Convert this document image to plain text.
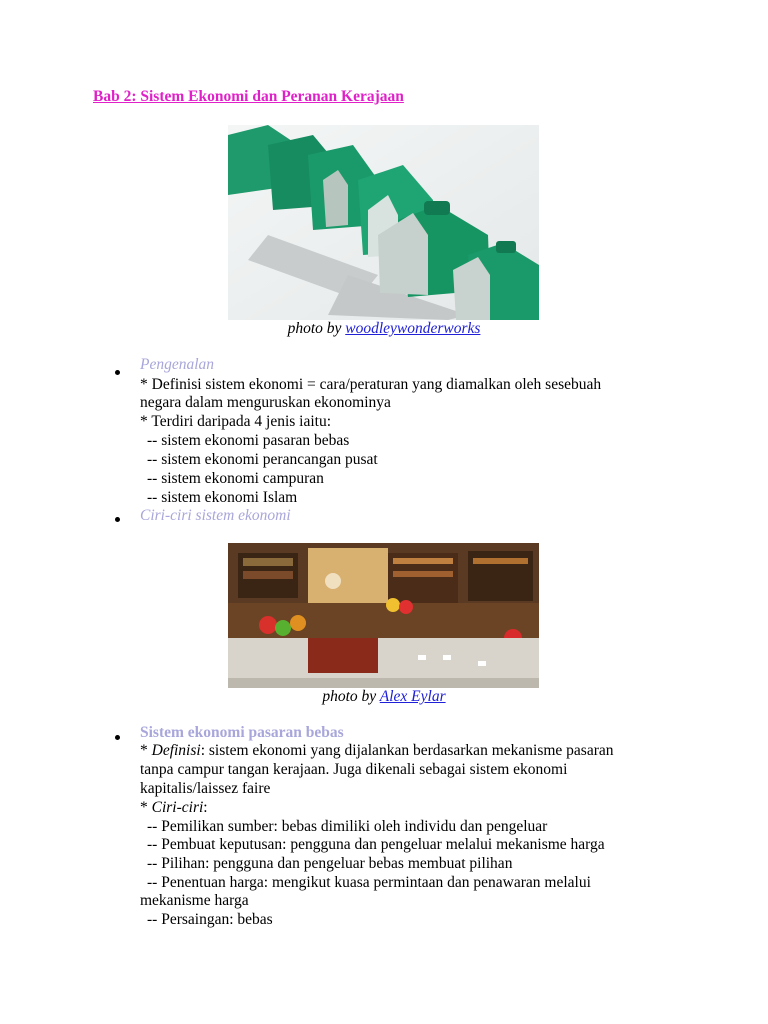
Bab 2: Sistem Ekonomi dan Peranan Kerajaan
photo by woodleywonderworks
Pengenalan
* Definisi sistem ekonomi = cara/peraturan yang diamalkan oleh sesebuah
negara dalam menguruskan ekonominya
* Terdiri daripada 4 jenis iaitu:
-- sistem ekonomi pasaran bebas
-- sistem ekonomi perancangan pusat
-- sistem ekonomi campuran
-- sistem ekonomi Islam
Ciri-ciri sistem ekonomi
photo by Alex Eylar
Sistem ekonomi pasaran bebas
* Definisi: sistem ekonomi yang dijalankan berdasarkan mekanisme pasaran
tanpa campur tangan kerajaan. Juga dikenali sebagai sistem ekonomi
kapitalis/laissez faire
* Ciri-ciri:
-- Pemilikan sumber: bebas dimiliki oleh individu dan pengeluar
-- Pembuat keputusan: pengguna dan pengeluar melalui mekanisme harga
-- Pilihan: pengguna dan pengeluar bebas membuat pilihan
-- Penentuan harga: mengikut kuasa permintaan dan penawaran melalui
mekanisme harga
-- Persaingan: bebas
